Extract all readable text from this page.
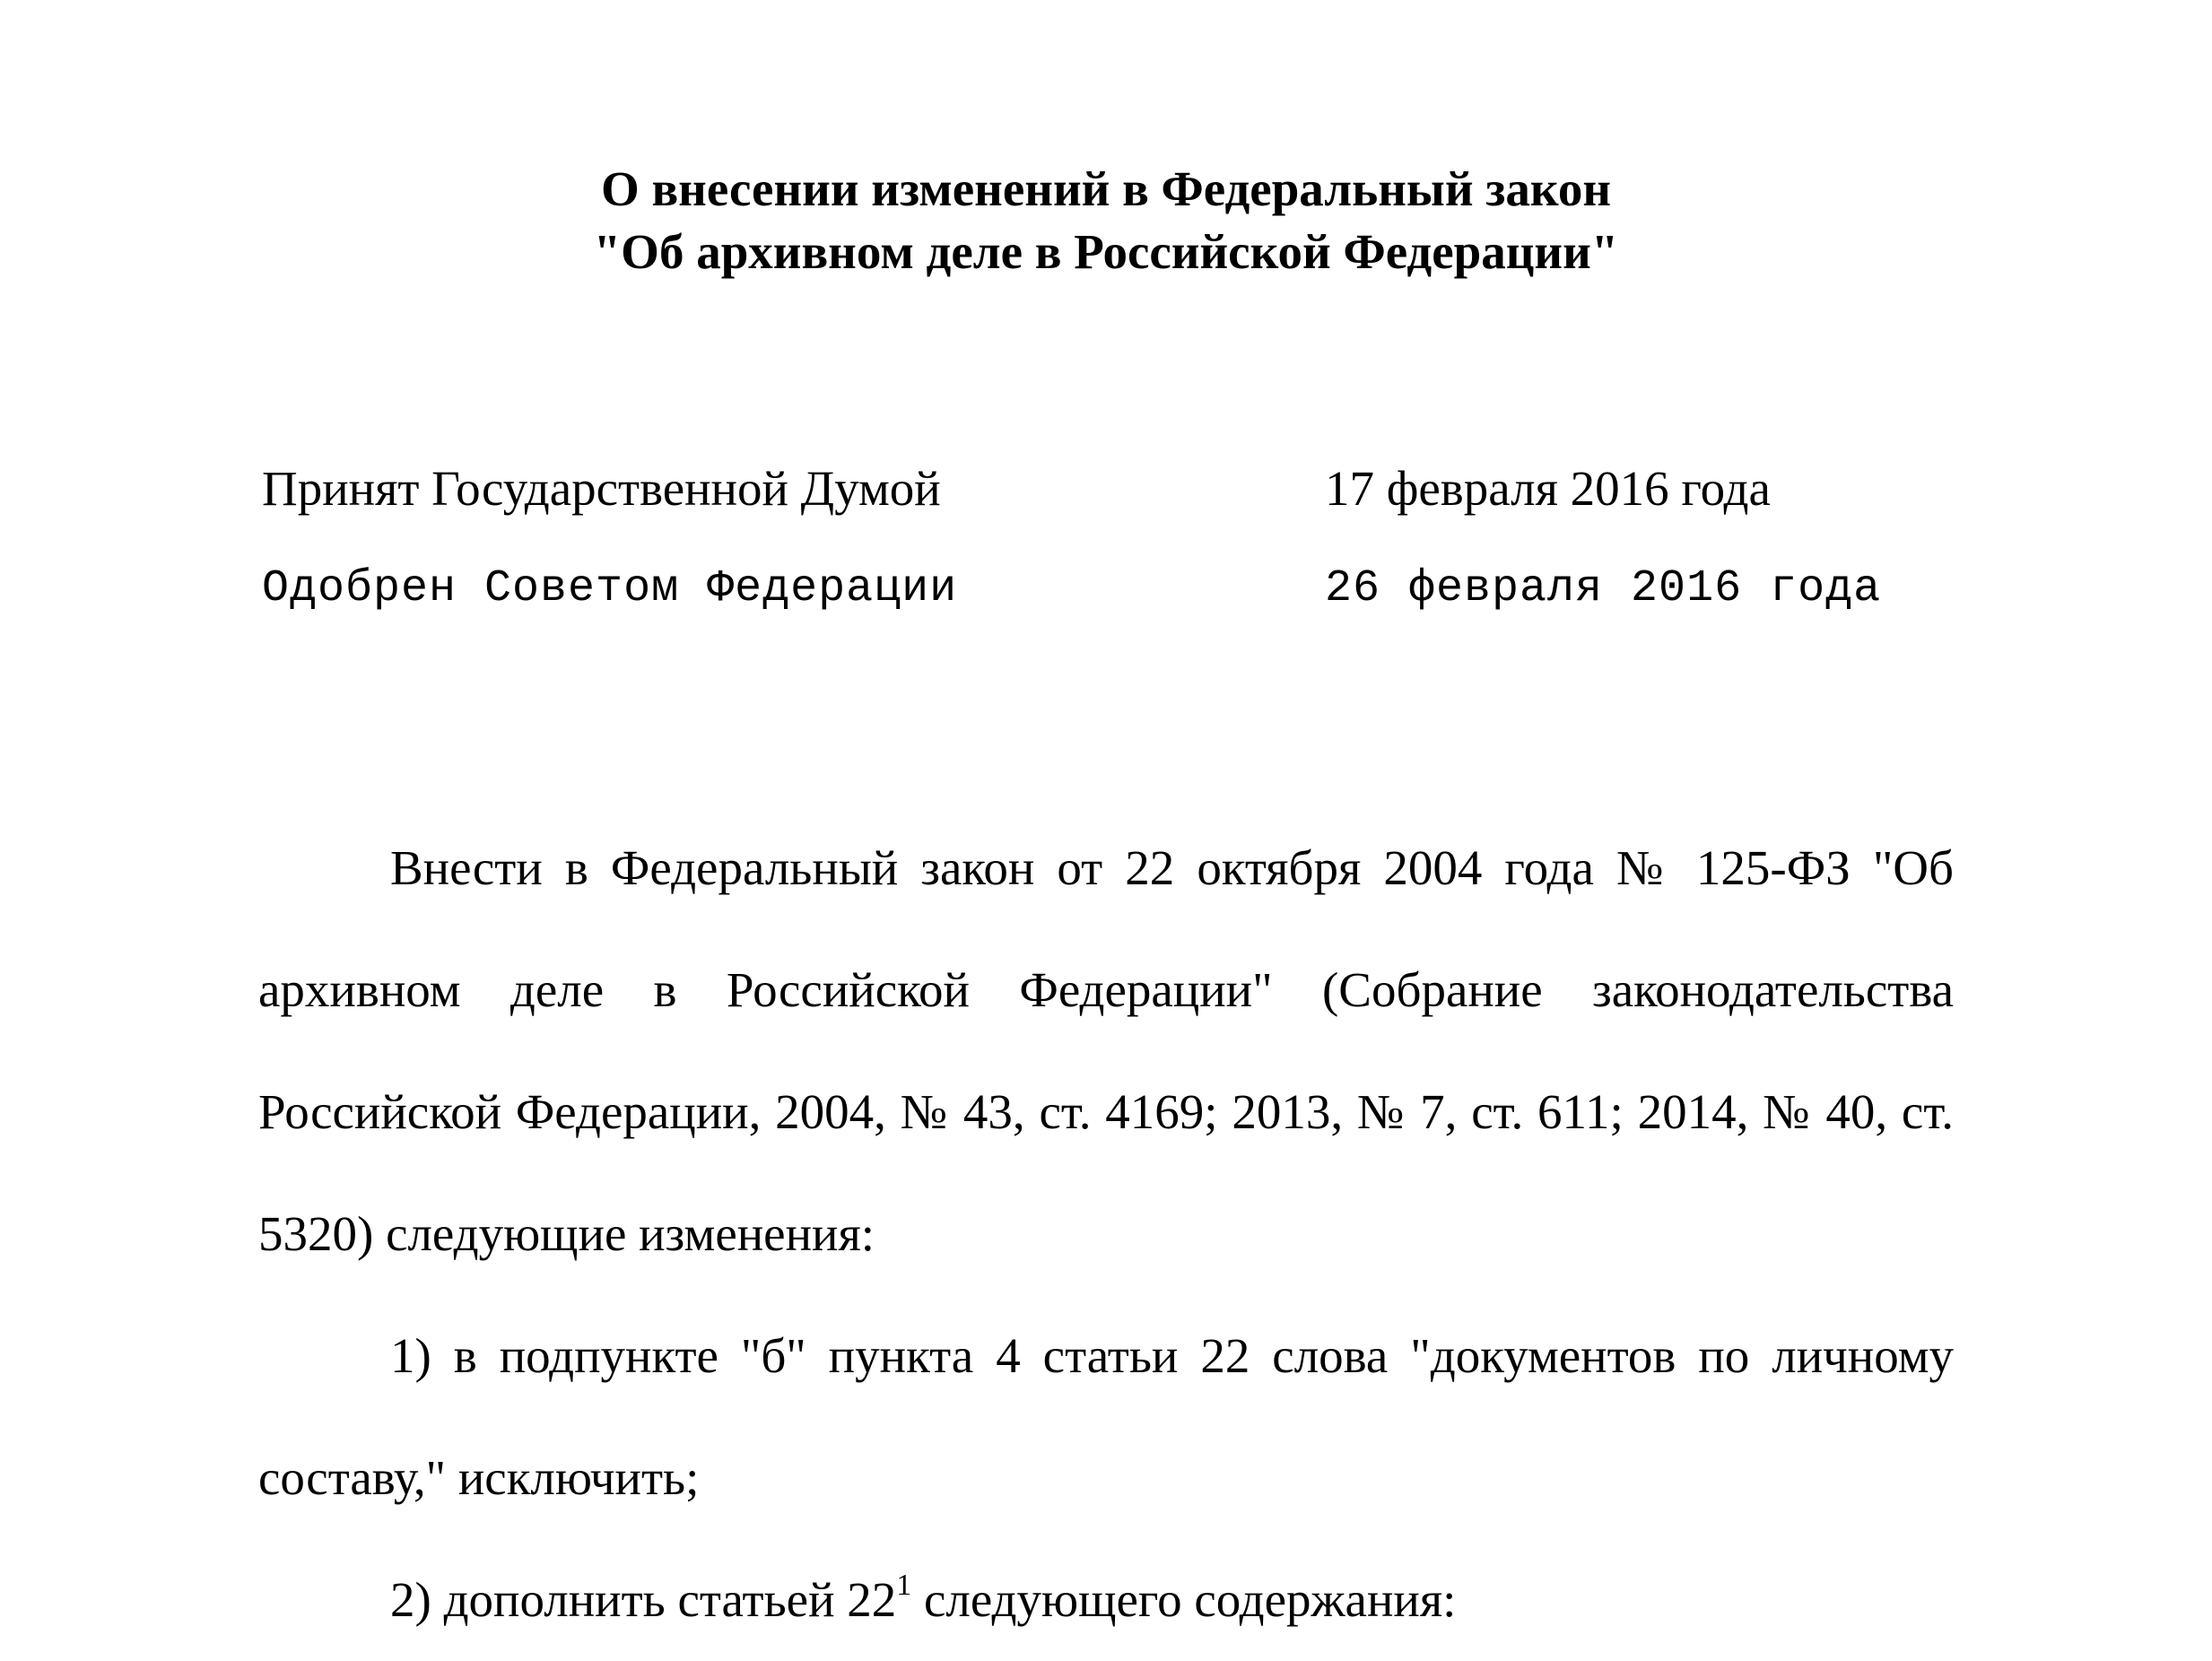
О внесении изменений в Федеральный закон
"Об архивном деле в Российской Федерации"
Принят Государственной Думой	17 февраля 2016 года
Одобрен Советом Федерации	26 февраля 2016 года
Внести в Федеральный закон от 22 октября 2004 года № 125-ФЗ "Об архивном деле в Российской Федерации" (Собрание законодательства Российской Федерации, 2004, № 43, ст. 4169; 2013, № 7, ст. 611; 2014, № 40, ст. 5320) следующие изменения:
1) в подпункте "б" пункта 4 статьи 22 слова "документов по личному составу," исключить;
2) дополнить статьей $22^1$ следующего содержания:
